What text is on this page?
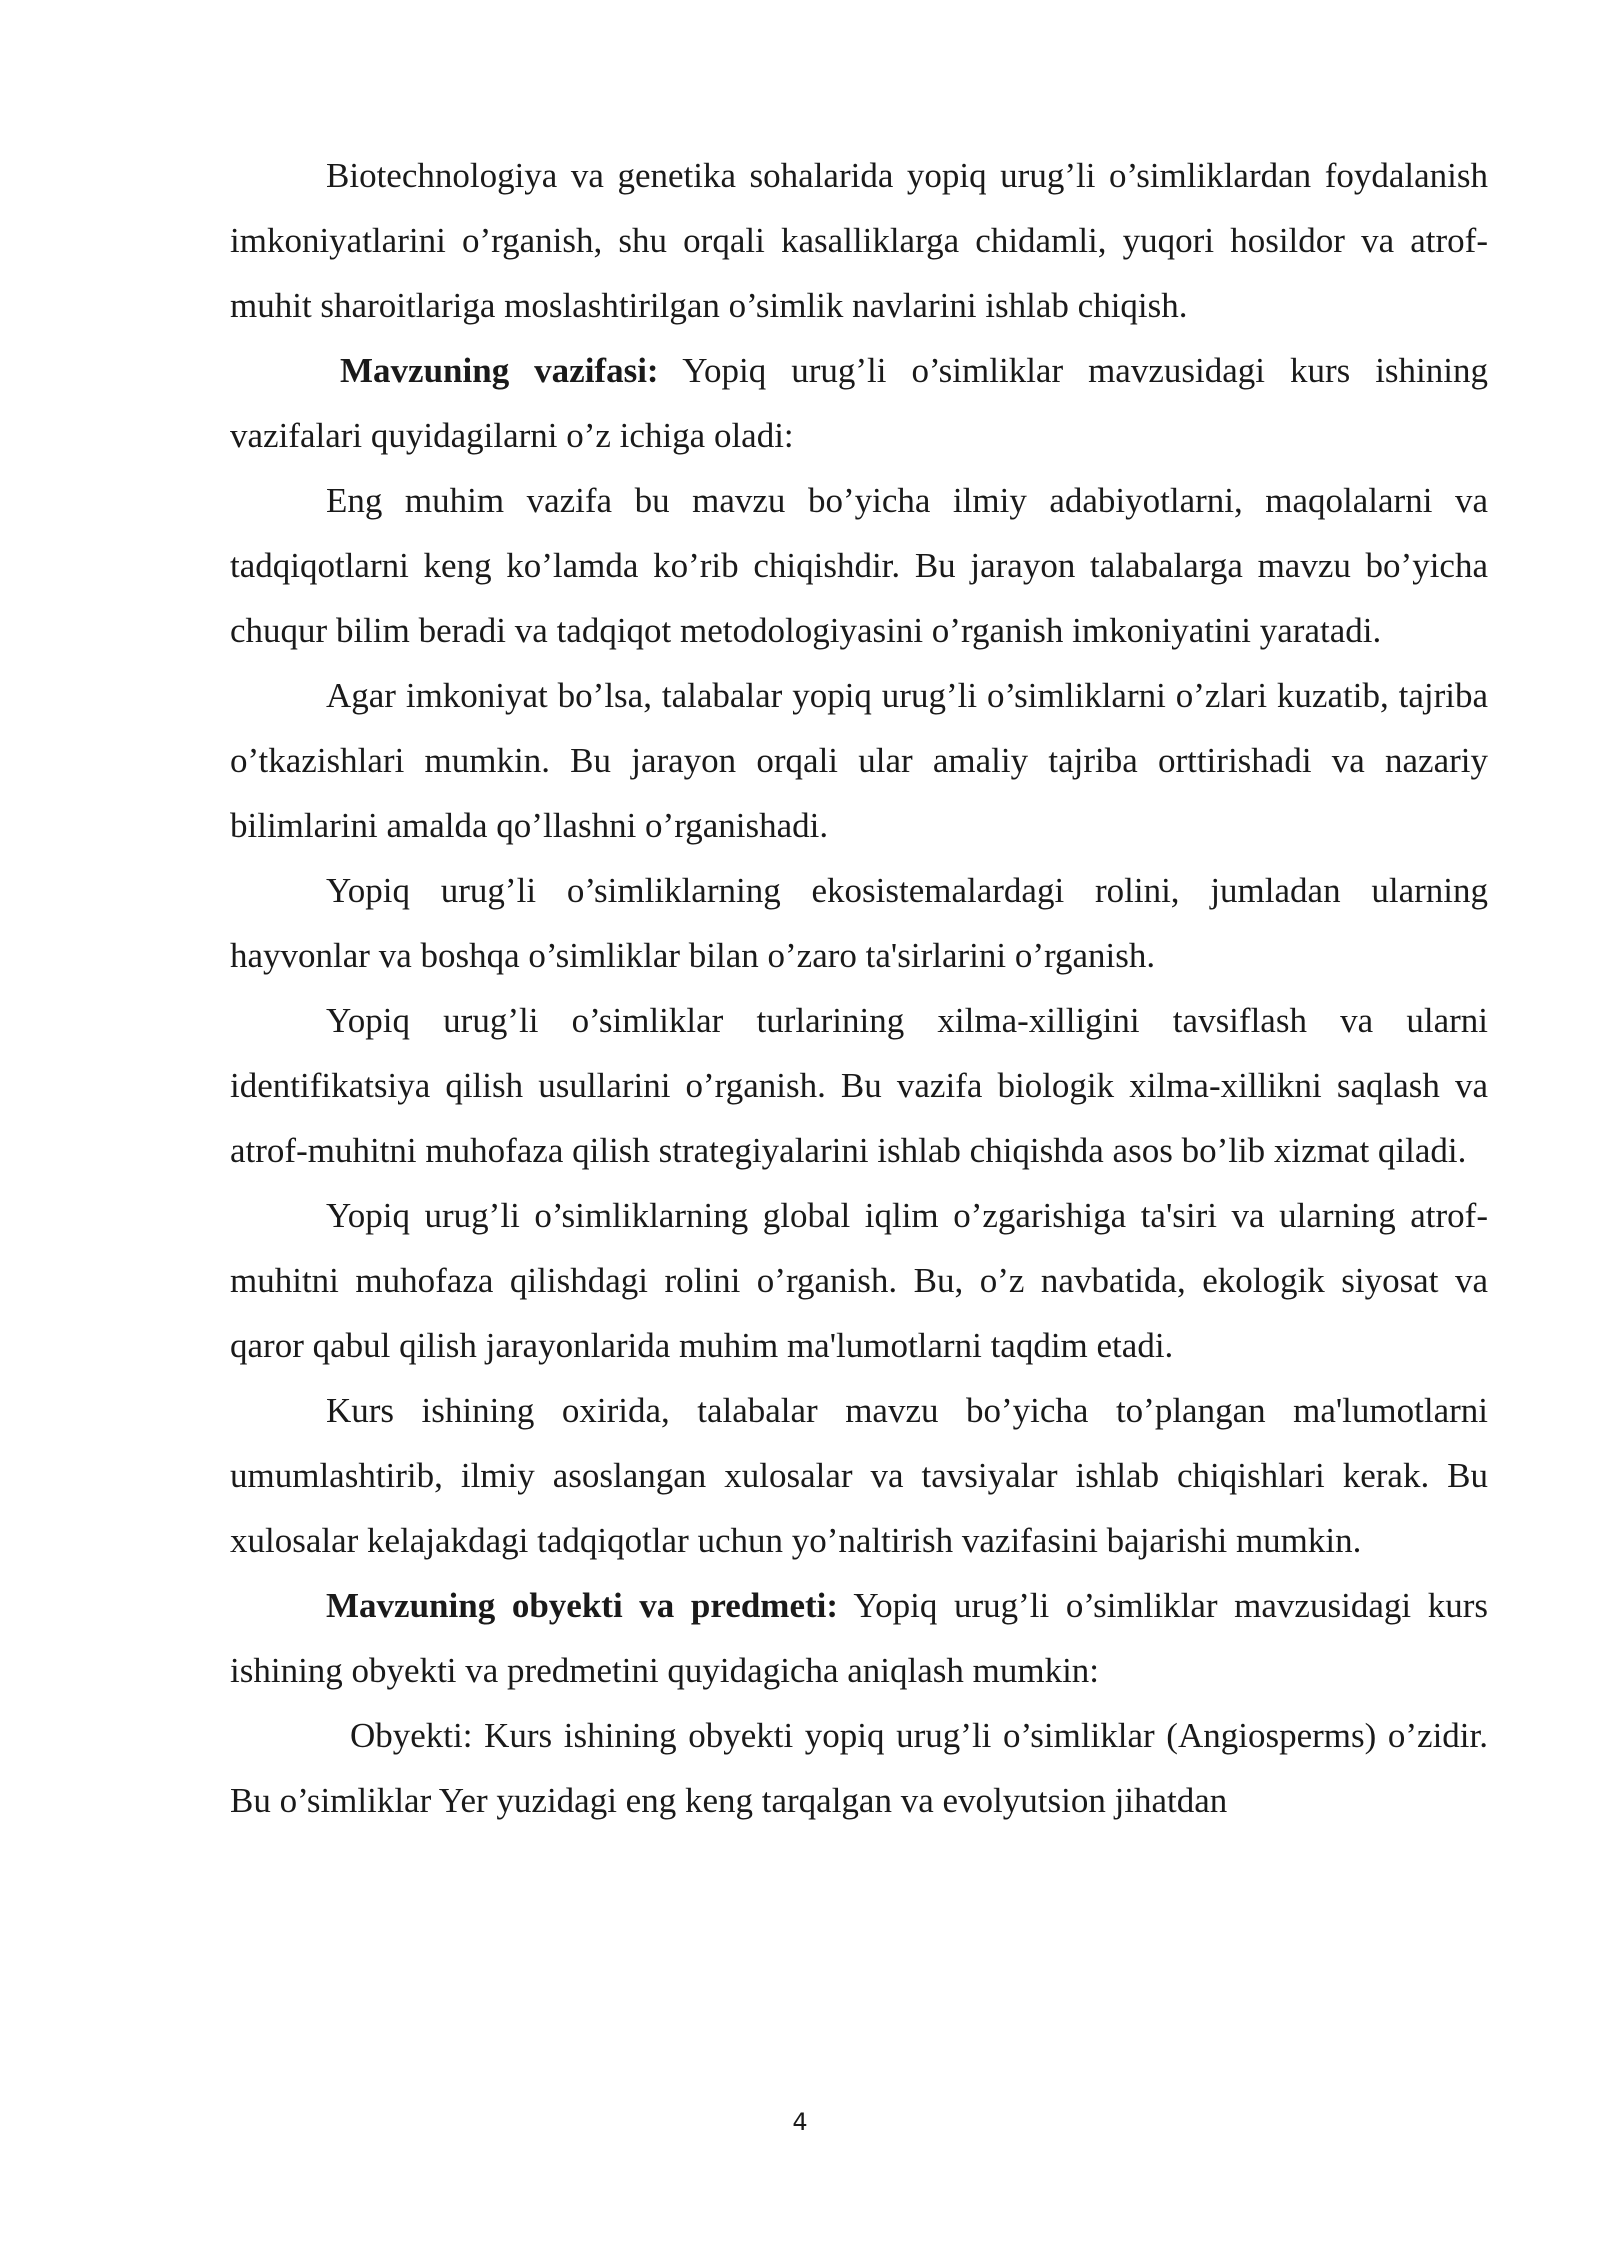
Biotechnologiya va genetika sohalarida yopiq urug’li o’simliklardan foydalanish imkoniyatlarini o’rganish, shu orqali kasalliklarga chidamli, yuqori hosildor va atrof-muhit sharoitlariga moslashtirilgan o’simlik navlarini ishlab chiqish.

Mavzuning vazifasi: Yopiq urug’li o’simliklar mavzusidagi kurs ishining vazifalari quyidagilarni o’z ichiga oladi:

Eng muhim vazifa bu mavzu bo’yicha ilmiy adabiyotlarni, maqolalarni va tadqiqotlarni keng ko’lamda ko’rib chiqishdir. Bu jarayon talabalarga mavzu bo’yicha chuqur bilim beradi va tadqiqot metodologiyasini o’rganish imkoniyatini yaratadi.

Agar imkoniyat bo’lsa, talabalar yopiq urug’li o’simliklarni o’zlari kuzatib, tajriba o’tkazishlari mumkin. Bu jarayon orqali ular amaliy tajriba orttirishadi va nazariy bilimlarini amalda qo’llashni o’rganishadi.

Yopiq urug’li o’simliklarning ekosistemalardagi rolini, jumladan ularning hayvonlar va boshqa o’simliklar bilan o’zaro ta'sirlarini o’rganish.

Yopiq urug’li o’simliklar turlarining xilma-xilligini tavsiflash va ularni identifikatsiya qilish usullarini o’rganish. Bu vazifa biologik xilma-xillikni saqlash va atrof-muhitni muhofaza qilish strategiyalarini ishlab chiqishda asos bo’lib xizmat qiladi.

Yopiq urug’li o’simliklarning global iqlim o’zgarishiga ta'siri va ularning atrof-muhitni muhofaza qilishdagi rolini o’rganish. Bu, o’z navbatida, ekologik siyosat va qaror qabul qilish jarayonlarida muhim ma'lumotlarni taqdim etadi.

Kurs ishining oxirida, talabalar mavzu bo’yicha to’plangan ma'lumotlarni umumlashtirib, ilmiy asoslangan xulosalar va tavsiyalar ishlab chiqishlari kerak. Bu xulosalar kelajakdagi tadqiqotlar uchun yo’naltirish vazifasini bajarishi mumkin.

Mavzuning obyekti va predmeti: Yopiq urug’li o’simliklar mavzusidagi kurs ishining obyekti va predmetini quyidagicha aniqlash mumkin:

Obyekti: Kurs ishining obyekti yopiq urug’li o’simliklar (Angiosperms) o’zidir. Bu o’simliklar Yer yuzidagi eng keng tarqalgan va evolyutsion jihatdan

4
